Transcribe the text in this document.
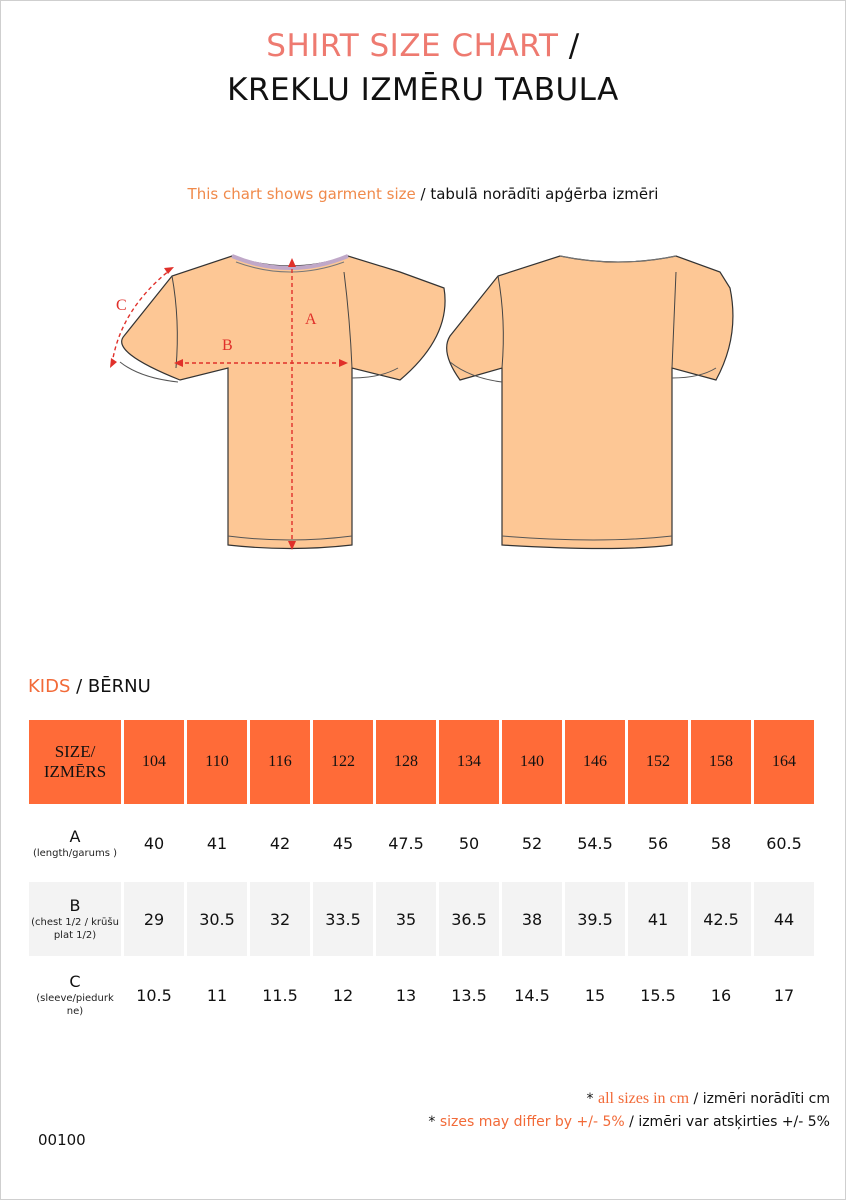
SHIRT SIZE CHART /
KREKLU IZMĒRU TABULA
This chart shows garment size / tabulā norādīti apģērba izmēri
A
B
C
KIDS / BĒRNU
SIZE/
IZMĒRS	104	110	116	122	128	134	140	146	152	158	164

A
(length/garums )	40	41	42	45	47.5	50	52	54.5	56	58	60.5

B
(chest 1/2 / krūšu plat 1/2)	29	30.5	32	33.5	35	36.5	38	39.5	41	42.5	44

C
(sleeve/piedurk ne)	10.5	11	11.5	12	13	13.5	14.5	15	15.5	16	17
* all sizes in cm / izmēri norādīti cm
* sizes may differ by +/- 5% / izmēri var atsķirties +/- 5%
00100
